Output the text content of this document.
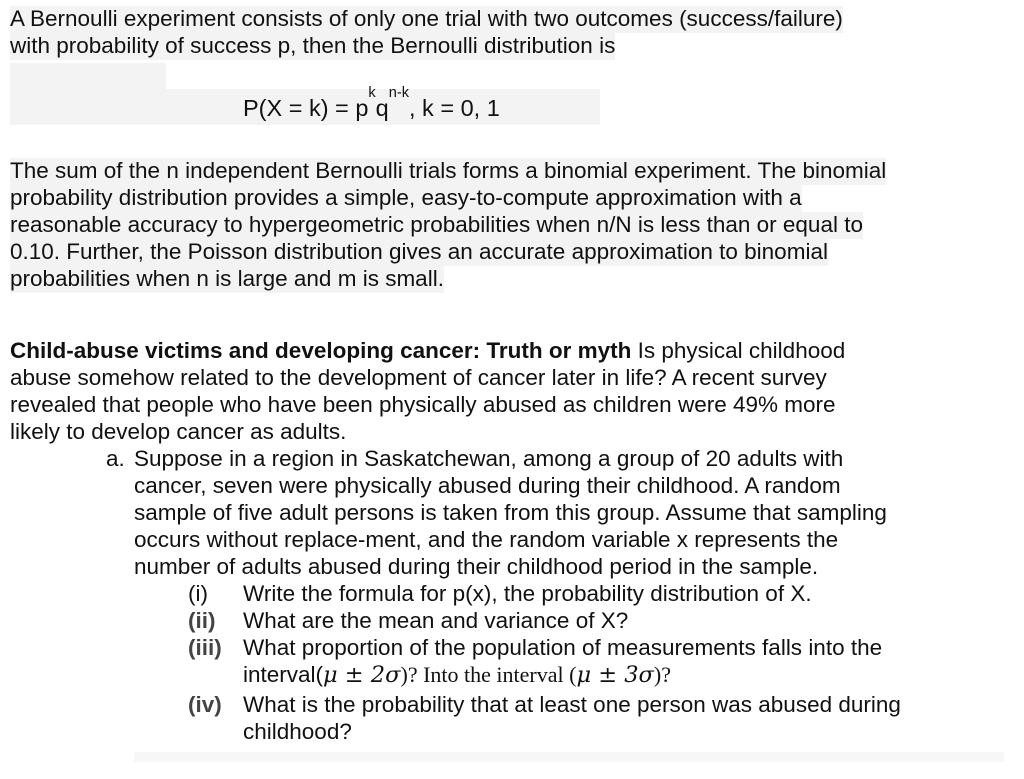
A Bernoulli experiment consists of only one trial with two outcomes (success/failure)
with probability of success p, then the Bernoulli distribution is
$P(X = k) = p^kq^{n-k}$, k = 0, 1
The sum of the n independent Bernoulli trials forms a binomial experiment. The binomial
probability distribution provides a simple, easy-to-compute approximation with a
reasonable accuracy to hypergeometric probabilities when n/N is less than or equal to
0.10. Further, the Poisson distribution gives an accurate approximation to binomial
probabilities when n is large and m is small.
Child-abuse victims and developing cancer: Truth or myth Is physical childhood
abuse somehow related to the development of cancer later in life? A recent survey
revealed that people who have been physically abused as children were 49% more
likely to develop cancer as adults.
a. Suppose in a region in Saskatchewan, among a group of 20 adults with
cancer, seven were physically abused during their childhood. A random
sample of five adult persons is taken from this group. Assume that sampling
occurs without replace-ment, and the random variable x represents the
number of adults abused during their childhood period in the sample.
(i) Write the formula for p(x), the probability distribution of X.
(ii) What are the mean and variance of X?
(iii) What proportion of the population of measurements falls into the
interval(μ ± 2σ)? Into the interval (μ ± 3σ)?
(iv) What is the probability that at least one person was abused during
childhood?
